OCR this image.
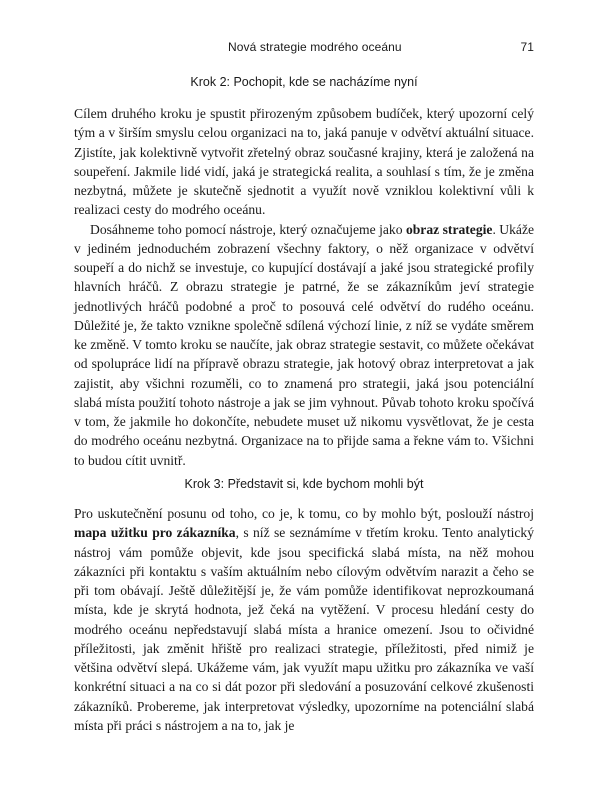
Nová strategie modrého oceánu	71
Krok 2: Pochopit, kde se nacházíme nyní

Cílem druhého kroku je spustit přirozeným způsobem budíček, který upozorní celý tým a v širším smyslu celou organizaci na to, jaká panuje v odvětví aktuální situace. Zjistíte, jak kolektivně vytvořit zřetelný obraz současné krajiny, která je založená na soupeření. Jakmile lidé vidí, jaká je strategická realita, a souhlasí s tím, že je změna nezbytná, můžete je skutečně sjednotit a využít nově vzniklou kolektivní vůli k realizaci cesty do modrého oceánu.

Dosáhneme toho pomocí nástroje, který označujeme jako obraz strategie. Ukáže v jediném jednoduchém zobrazení všechny faktory, o něž organizace v odvětví soupeří a do nichž se investuje, co kupující dostávají a jaké jsou strategické profily hlavních hráčů. Z obrazu strategie je patrné, že se zákazníkům jeví strategie jednotlivých hráčů podobné a proč to posouvá celé odvětví do rudého oceánu. Důležité je, že takto vznikne společně sdílená výchozí linie, z níž se vydáte směrem ke změně. V tomto kroku se naučíte, jak obraz strategie sestavit, co můžete očekávat od spolupráce lidí na přípravě obrazu strategie, jak hotový obraz interpretovat a jak zajistit, aby všichni rozuměli, co to znamená pro strategii, jaká jsou potenciální slabá místa použití tohoto nástroje a jak se jim vyhnout. Půvab tohoto kroku spočívá v tom, že jakmile ho dokončíte, nebudete muset už nikomu vysvětlovat, že je cesta do modrého oceánu nezbytná. Organizace na to přijde sama a řekne vám to. Všichni to budou cítit uvnitř.

Krok 3: Představit si, kde bychom mohli být

Pro uskutečnění posunu od toho, co je, k tomu, co by mohlo být, poslouží nástroj mapa užitku pro zákazníka, s níž se seznámíme v třetím kroku. Tento analytický nástroj vám pomůže objevit, kde jsou specifická slabá místa, na něž mohou zákazníci při kontaktu s vaším aktuálním nebo cílovým odvětvím narazit a čeho se při tom obávají. Ještě důležitější je, že vám pomůže identifikovat neprozkoumaná místa, kde je skrytá hodnota, jež čeká na vytěžení. V procesu hledání cesty do modrého oceánu nepředstavují slabá místa a hranice omezení. Jsou to očividné příležitosti, jak změnit hřiště pro realizaci strategie, příležitosti, před nimiž je většina odvětví slepá. Ukážeme vám, jak využít mapu užitku pro zákazníka ve vaší konkrétní situaci a na co si dát pozor při sledování a posuzování celkové zkušenosti zákazníků. Probereme, jak interpretovat výsledky, upozorníme na potenciální slabá místa při práci s nástrojem a na to, jak je
